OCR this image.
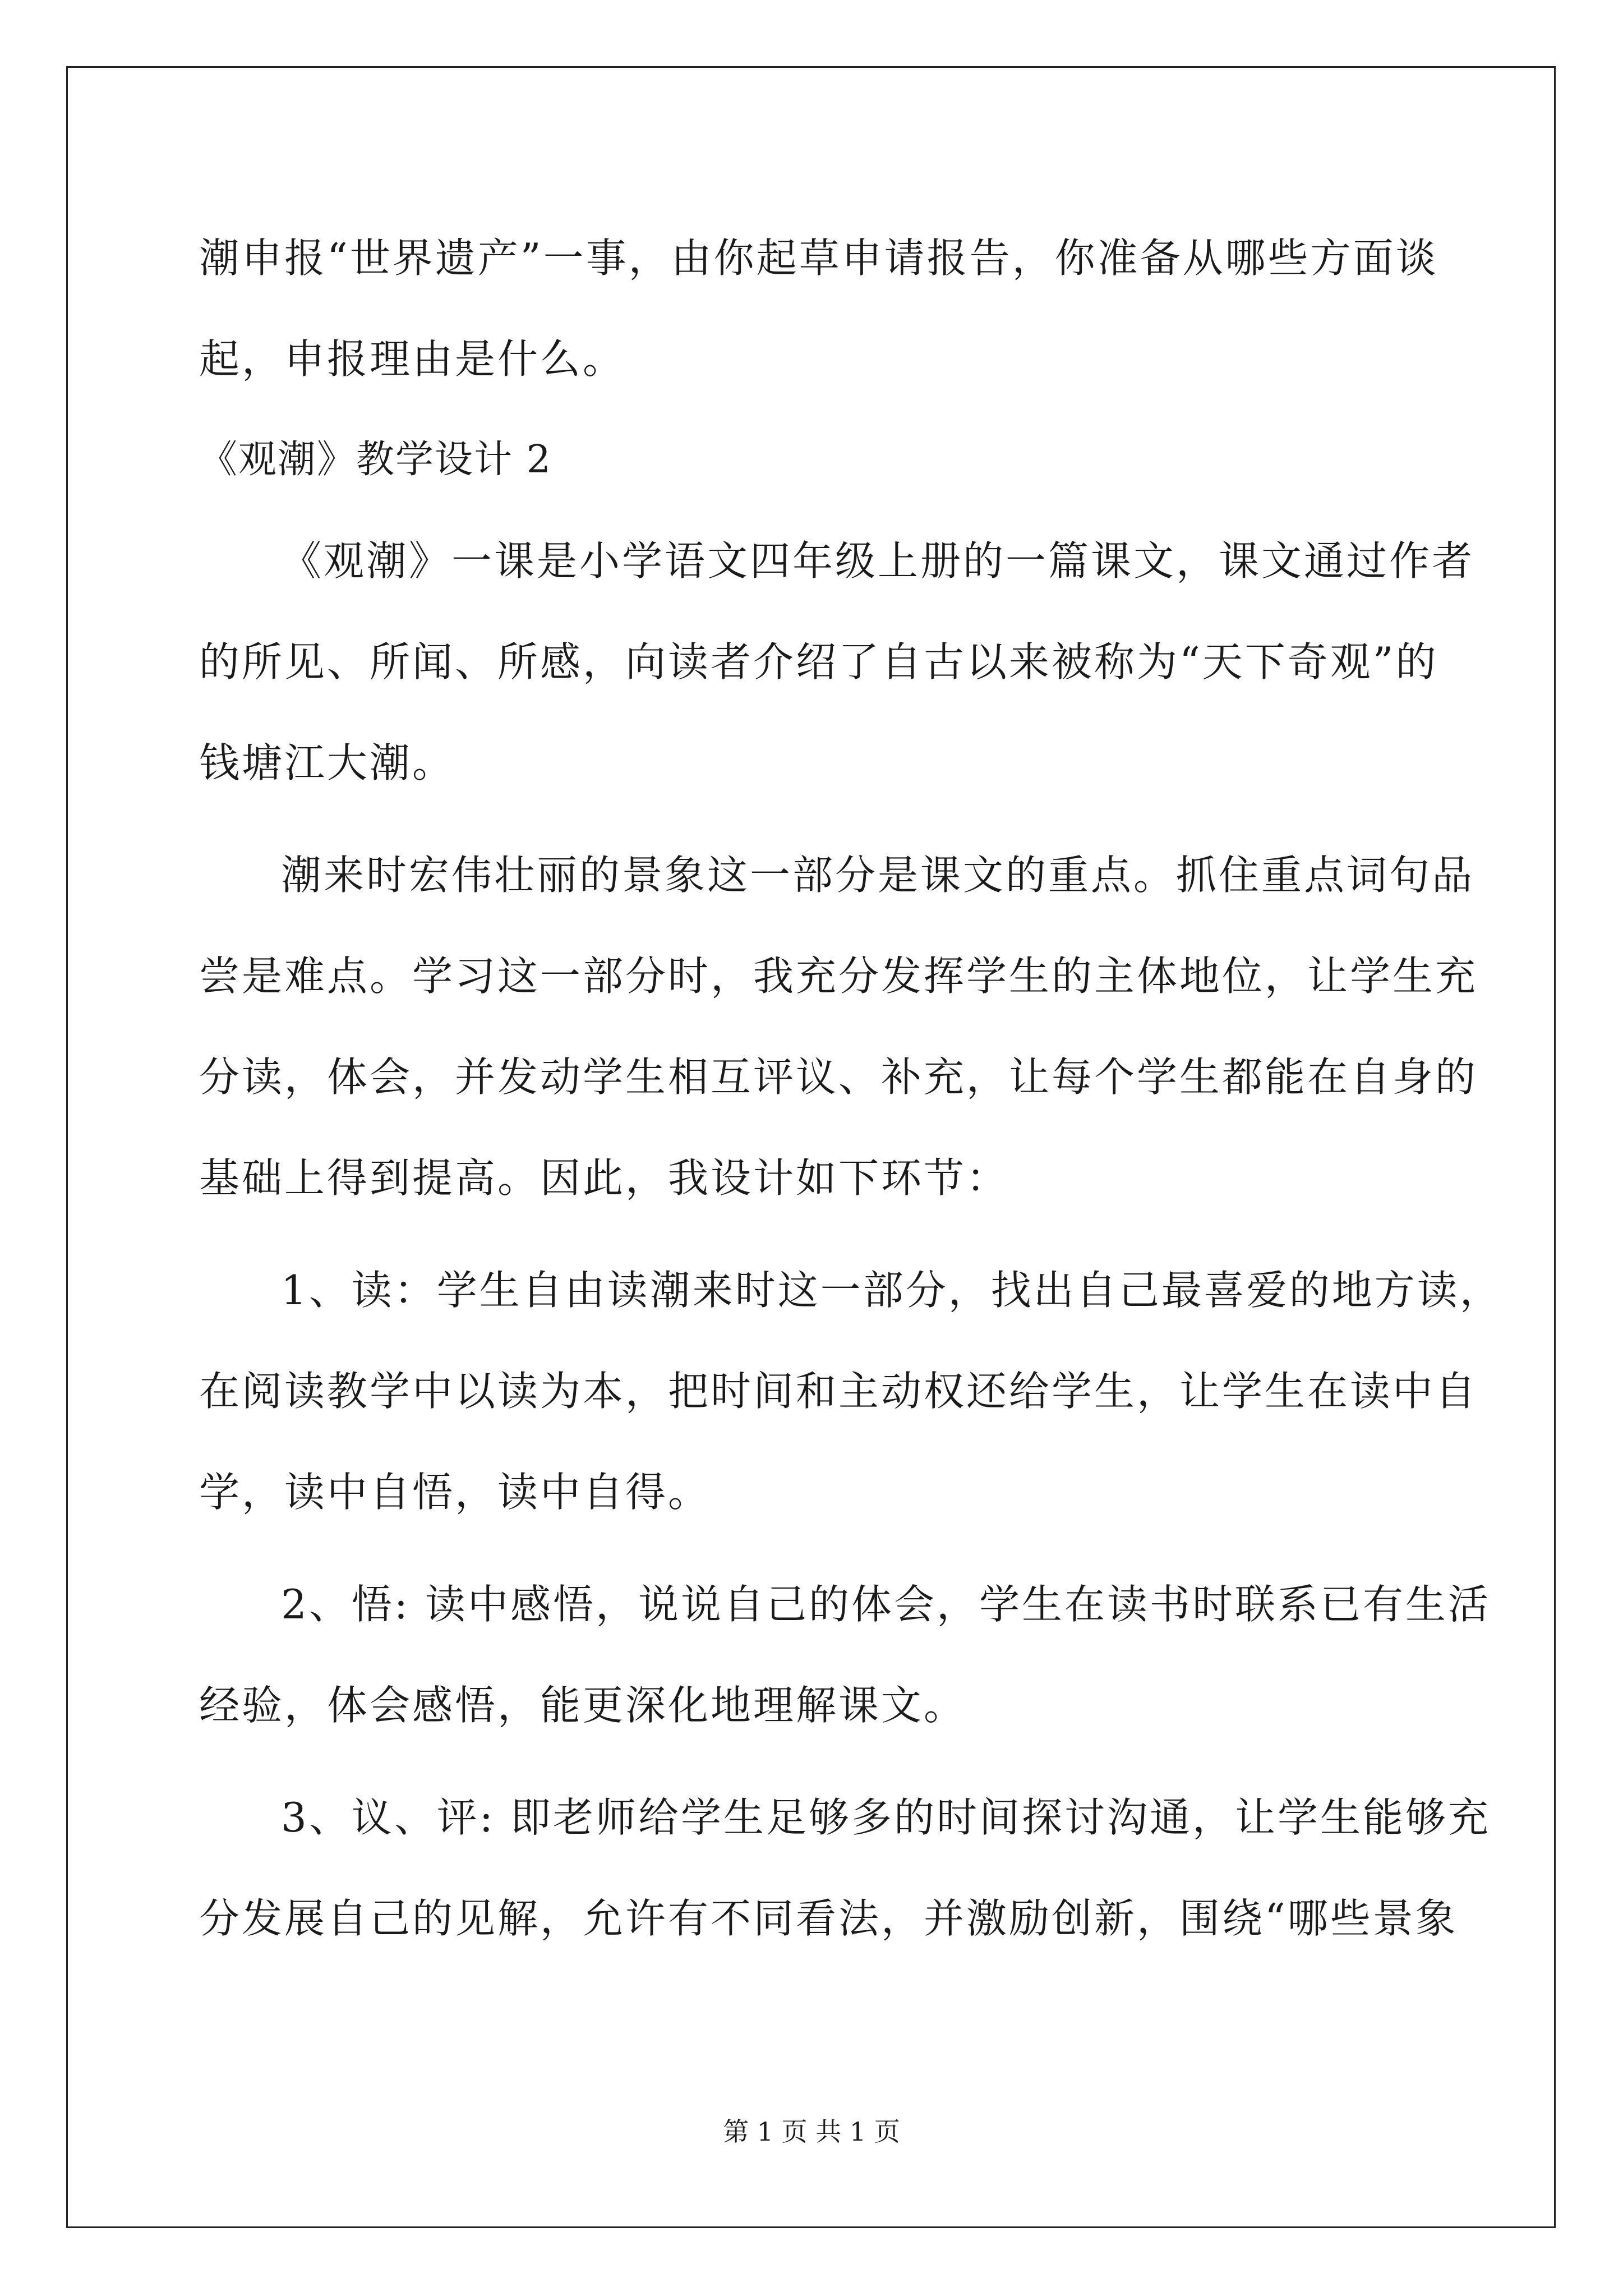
潮申报“世界遗产”一事，由你起草申请报告，你准备从哪些方面谈
起，申报理由是什么。
《观潮》教学设计 2
《观潮》一课是小学语文四年级上册的一篇课文，课文通过作者
的所见、所闻、所感，向读者介绍了自古以来被称为“天下奇观”的
钱塘江大潮。
潮来时宏伟壮丽的景象这一部分是课文的重点。抓住重点词句品
尝是难点。学习这一部分时，我充分发挥学生的主体地位，让学生充
分读，体会，并发动学生相互评议、补充，让每个学生都能在自身的
基础上得到提高。因此，我设计如下环节：
1、读：学生自由读潮来时这一部分，找出自己最喜爱的地方读，
在阅读教学中以读为本，把时间和主动权还给学生，让学生在读中自
学，读中自悟，读中自得。
2、悟: 读中感悟，说说自己的体会，学生在读书时联系已有生活
经验，体会感悟，能更深化地理解课文。
3、议、评: 即老师给学生足够多的时间探讨沟通，让学生能够充
分发展自己的见解，允许有不同看法，并激励创新，围绕“哪些景象
第 1 页 共 1 页
